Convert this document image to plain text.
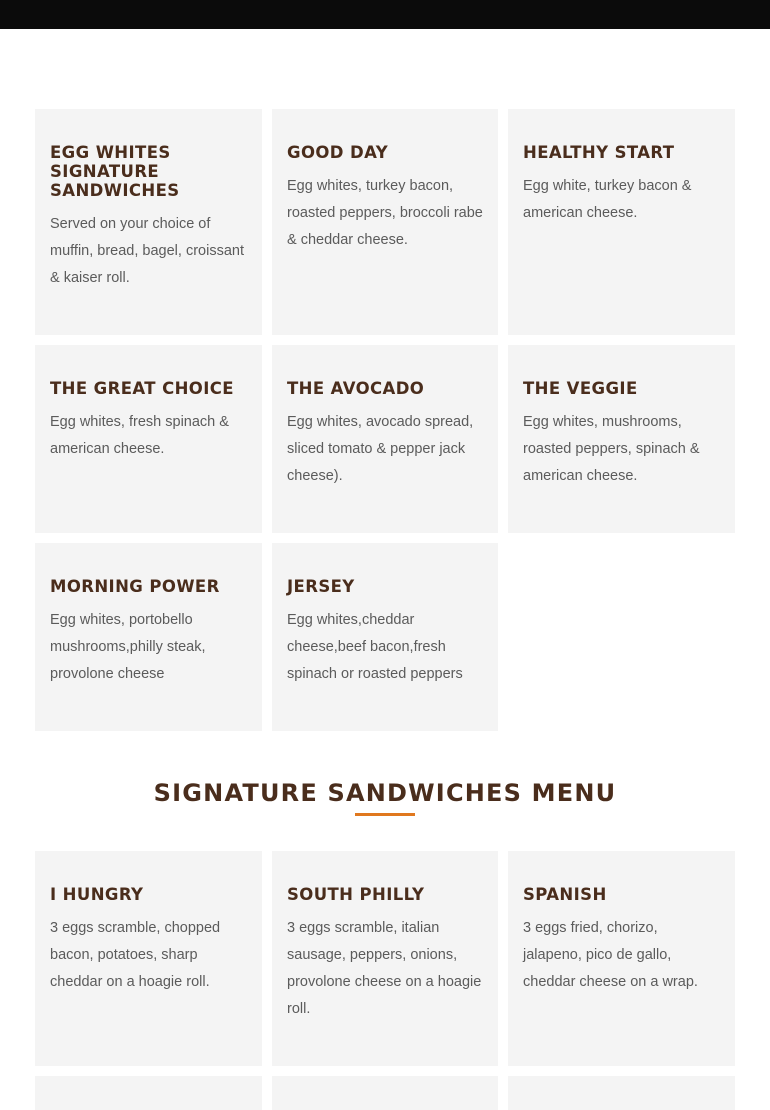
EGG WHITES SIGNATURE SANDWICHES

Served on your choice of muffin, bread, bagel, croissant & kaiser roll.

GOOD DAY

Egg whites, turkey bacon, roasted peppers, broccoli rabe & cheddar cheese.

HEALTHY START

Egg white, turkey bacon & american cheese.

THE GREAT CHOICE

Egg whites, fresh spinach & american cheese.

THE AVOCADO

Egg whites, avocado spread, sliced tomato & pepper jack cheese).

THE VEGGIE

Egg whites, mushrooms, roasted peppers, spinach & american cheese.

MORNING POWER

Egg whites, portobello mushrooms,philly steak, provolone cheese

JERSEY

Egg whites,cheddar cheese,beef bacon,fresh spinach or roasted peppers

SIGNATURE SANDWICHES MENU
I HUNGRY

3 eggs scramble, chopped bacon, potatoes, sharp cheddar on a hoagie roll.

SOUTH PHILLY

3 eggs scramble, italian sausage, peppers, onions, provolone cheese on a hoagie roll.

SPANISH

3 eggs fried, chorizo, jalapeno, pico de gallo, cheddar cheese on a wrap.
